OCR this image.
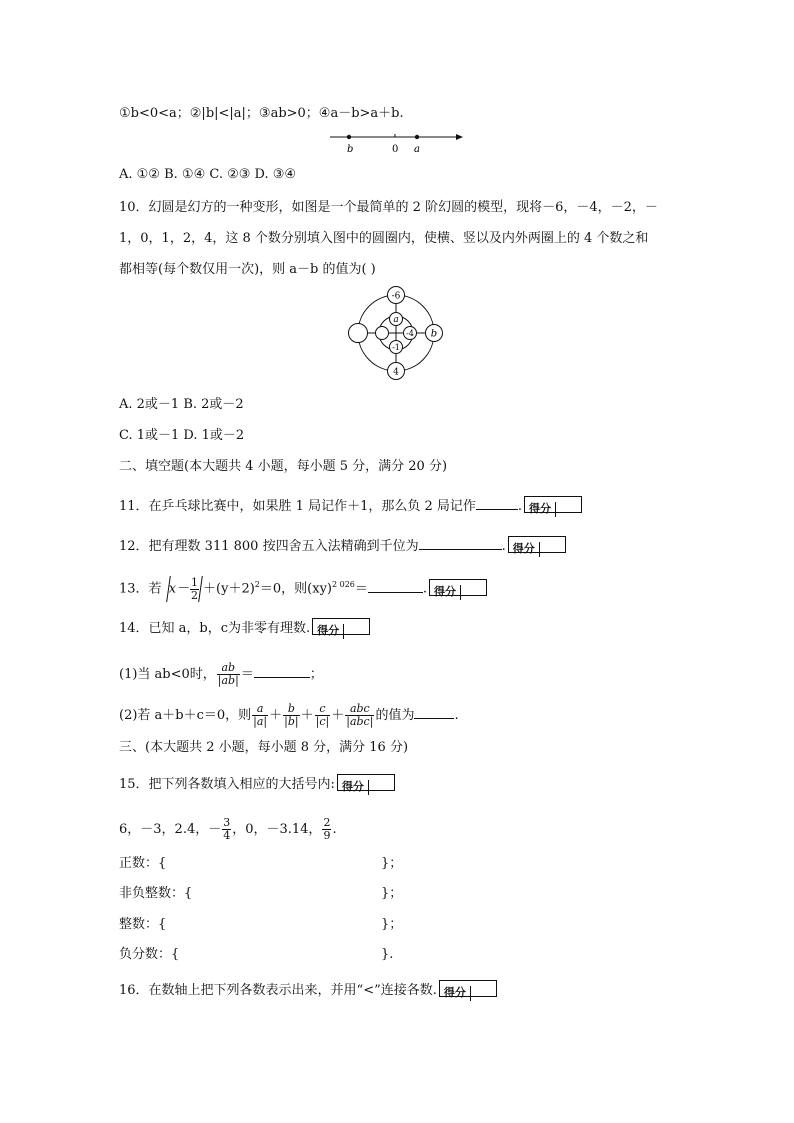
①b<0<a；②|b|<|a|；③ab>0；④a－b>a＋b.
b	0 a
A. ①② B. ①④ C. ②③ D. ③④
10．幻圆是幻方的一种变形，如图是一个最简单的 2 阶幻圆的模型，现将－6，－4，－2，－
1，0，1，2，4，这 8 个数分别填入图中的圆圈内，使横、竖以及内外两圈上的 4 个数之和
都相等(每个数仅用一次)，则 a－b 的值为( )
-6
a
-4
-1
b
4
A. 2或－1 B. 2或－2
C. 1或－1 D. 1或－2
二、填空题(本大题共 4 小题，每小题 5 分，满分 20 分)
11．在乒乓球比赛中，如果胜 1 局记作＋1，那么负 2 局记作	. 得分
12．把有理数 311 800 按四舍五入法精确到千位为	. 得分
13．若 $x- \frac{1}{2} +(y+2)^2=0$，则(xy)$^{2 026}$＝	. 得分
14．已知 a，b，c为非零有理数. 得分
(1)当 ab<0时， $\frac{ab}{|ab|}$ ＝	；
(2)若 a＋b＋c＝0，则 $\frac{a}{|a|} + \frac{b}{|b|} + \frac{c}{|c|} + \frac{\text{abc}}{\text{|abc|}}$ 的值为	.
三、(本大题共 2 小题，每小题 8 分，满分 16 分)
15．把下列各数填入相应的大括号内: 得分
6，－3，2.4，－ $\frac{3}{4}$ ，0，－3.14， $\frac{2}{9}$ .
正数：{	}；
非负整数：{	}；
整数：{	}；
负分数：{	}.
16．在数轴上把下列各数表示出来，并用“<”连接各数. 得分
